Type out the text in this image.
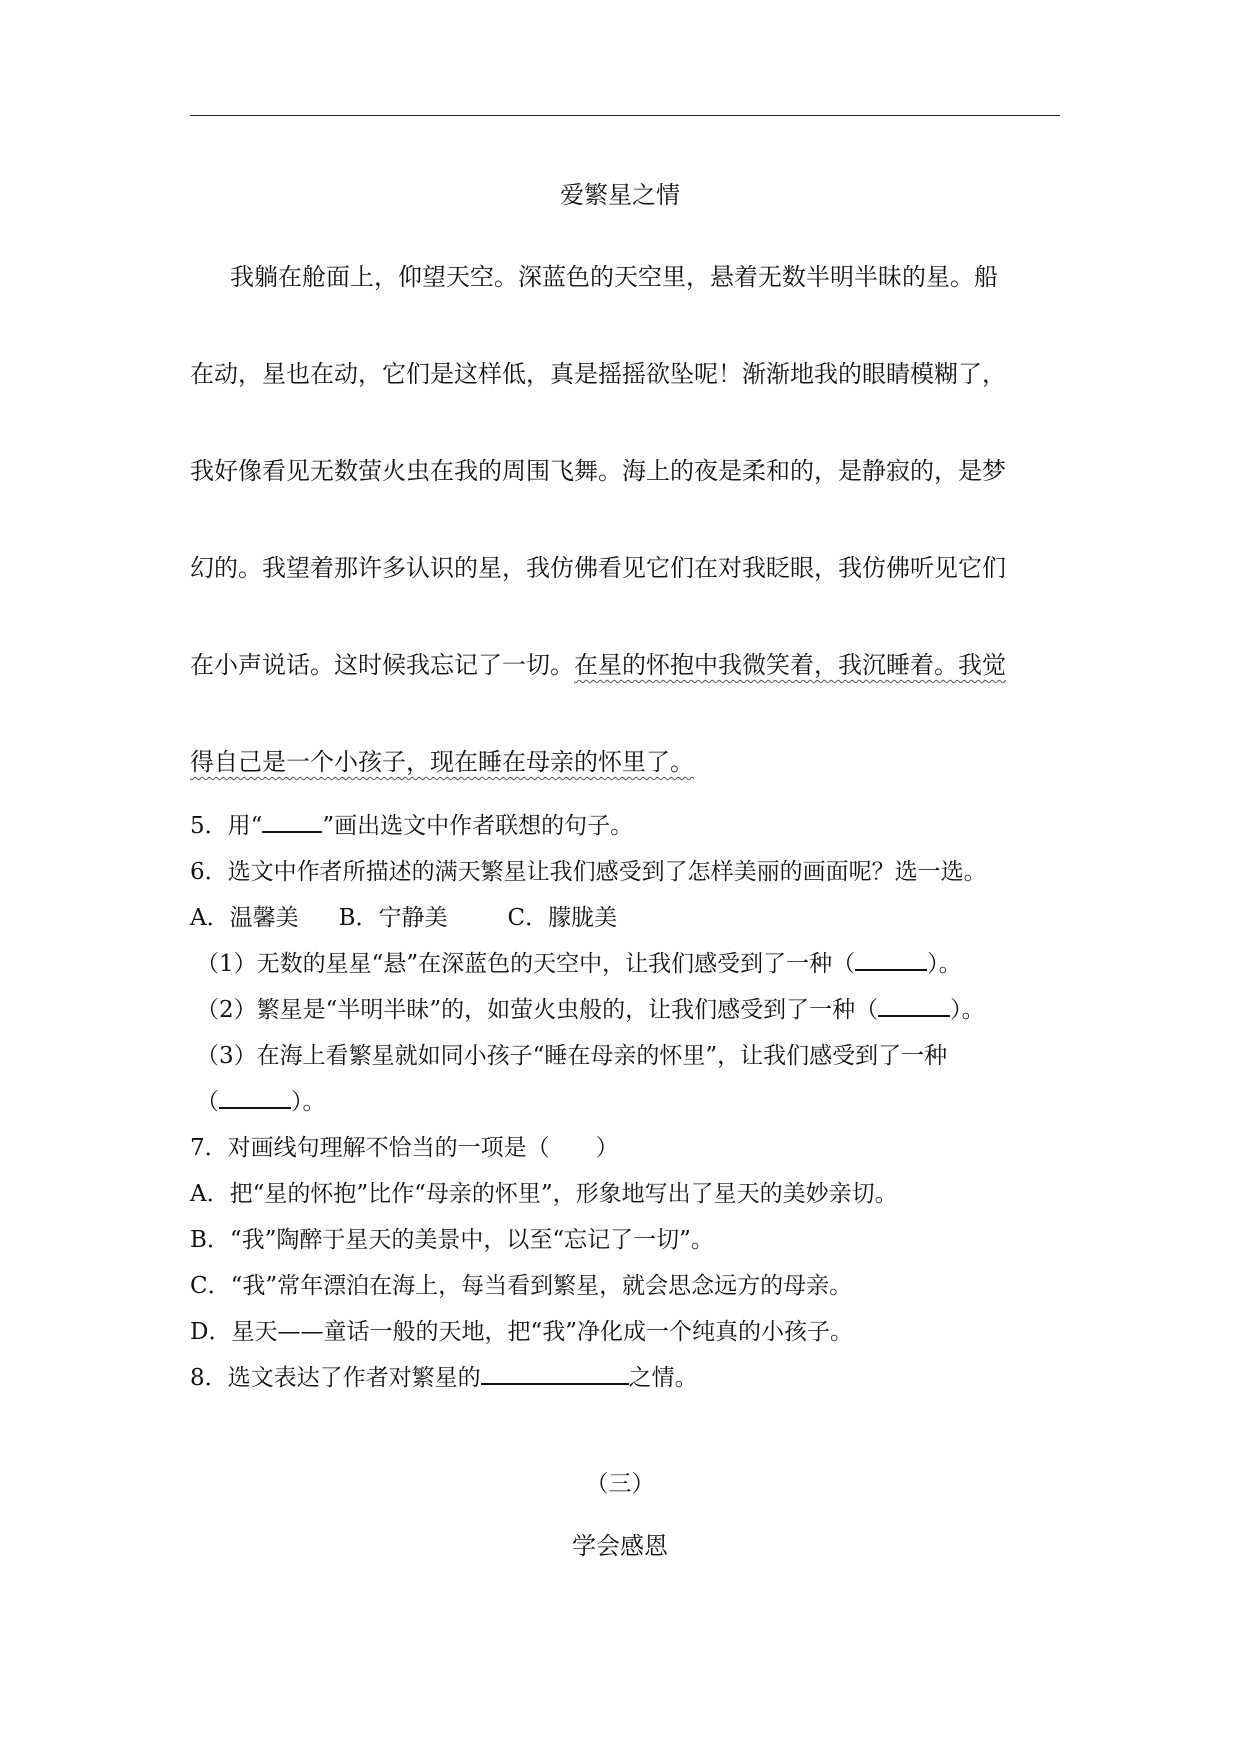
爱繁星之情
我躺在舱面上，仰望天空。深蓝色的天空里，悬着无数半明半昧的星。船
在动，星也在动，它们是这样低，真是摇摇欲坠呢！渐渐地我的眼睛模糊了，
我好像看见无数萤火虫在我的周围飞舞。海上的夜是柔和的，是静寂的，是梦
幻的。我望着那许多认识的星，我仿佛看见它们在对我眨眼，我仿佛听见它们
在小声说话。这时候我忘记了一切。在星的怀抱中我微笑着，我沉睡着。我觉
得自己是一个小孩子，现在睡在母亲的怀里了。
5．用“	”画出选文中作者联想的句子。
6．选文中作者所描述的满天繁星让我们感受到了怎样美丽的画面呢？选一选。
A．温馨美 B．宁静美	C．朦胧美
（1）无数的星星“悬”在深蓝色的天空中，让我们感受到了一种（	）。
（2）繁星是“半明半昧”的，如萤火虫般的，让我们感受到了一种（	）。
（3）在海上看繁星就如同小孩子“睡在母亲的怀里”，让我们感受到了一种
（	）。
7．对画线句理解不恰当的一项是（　　）
A．把“星的怀抱”比作“母亲的怀里”，形象地写出了星天的美妙亲切。
B．“我”陶醉于星天的美景中，以至“忘记了一切”。
C．“我”常年漂泊在海上，每当看到繁星，就会思念远方的母亲。
D．星天——童话一般的天地，把“我”净化成一个纯真的小孩子。
8．选文表达了作者对繁星的	之情。
（三）
学会感恩
